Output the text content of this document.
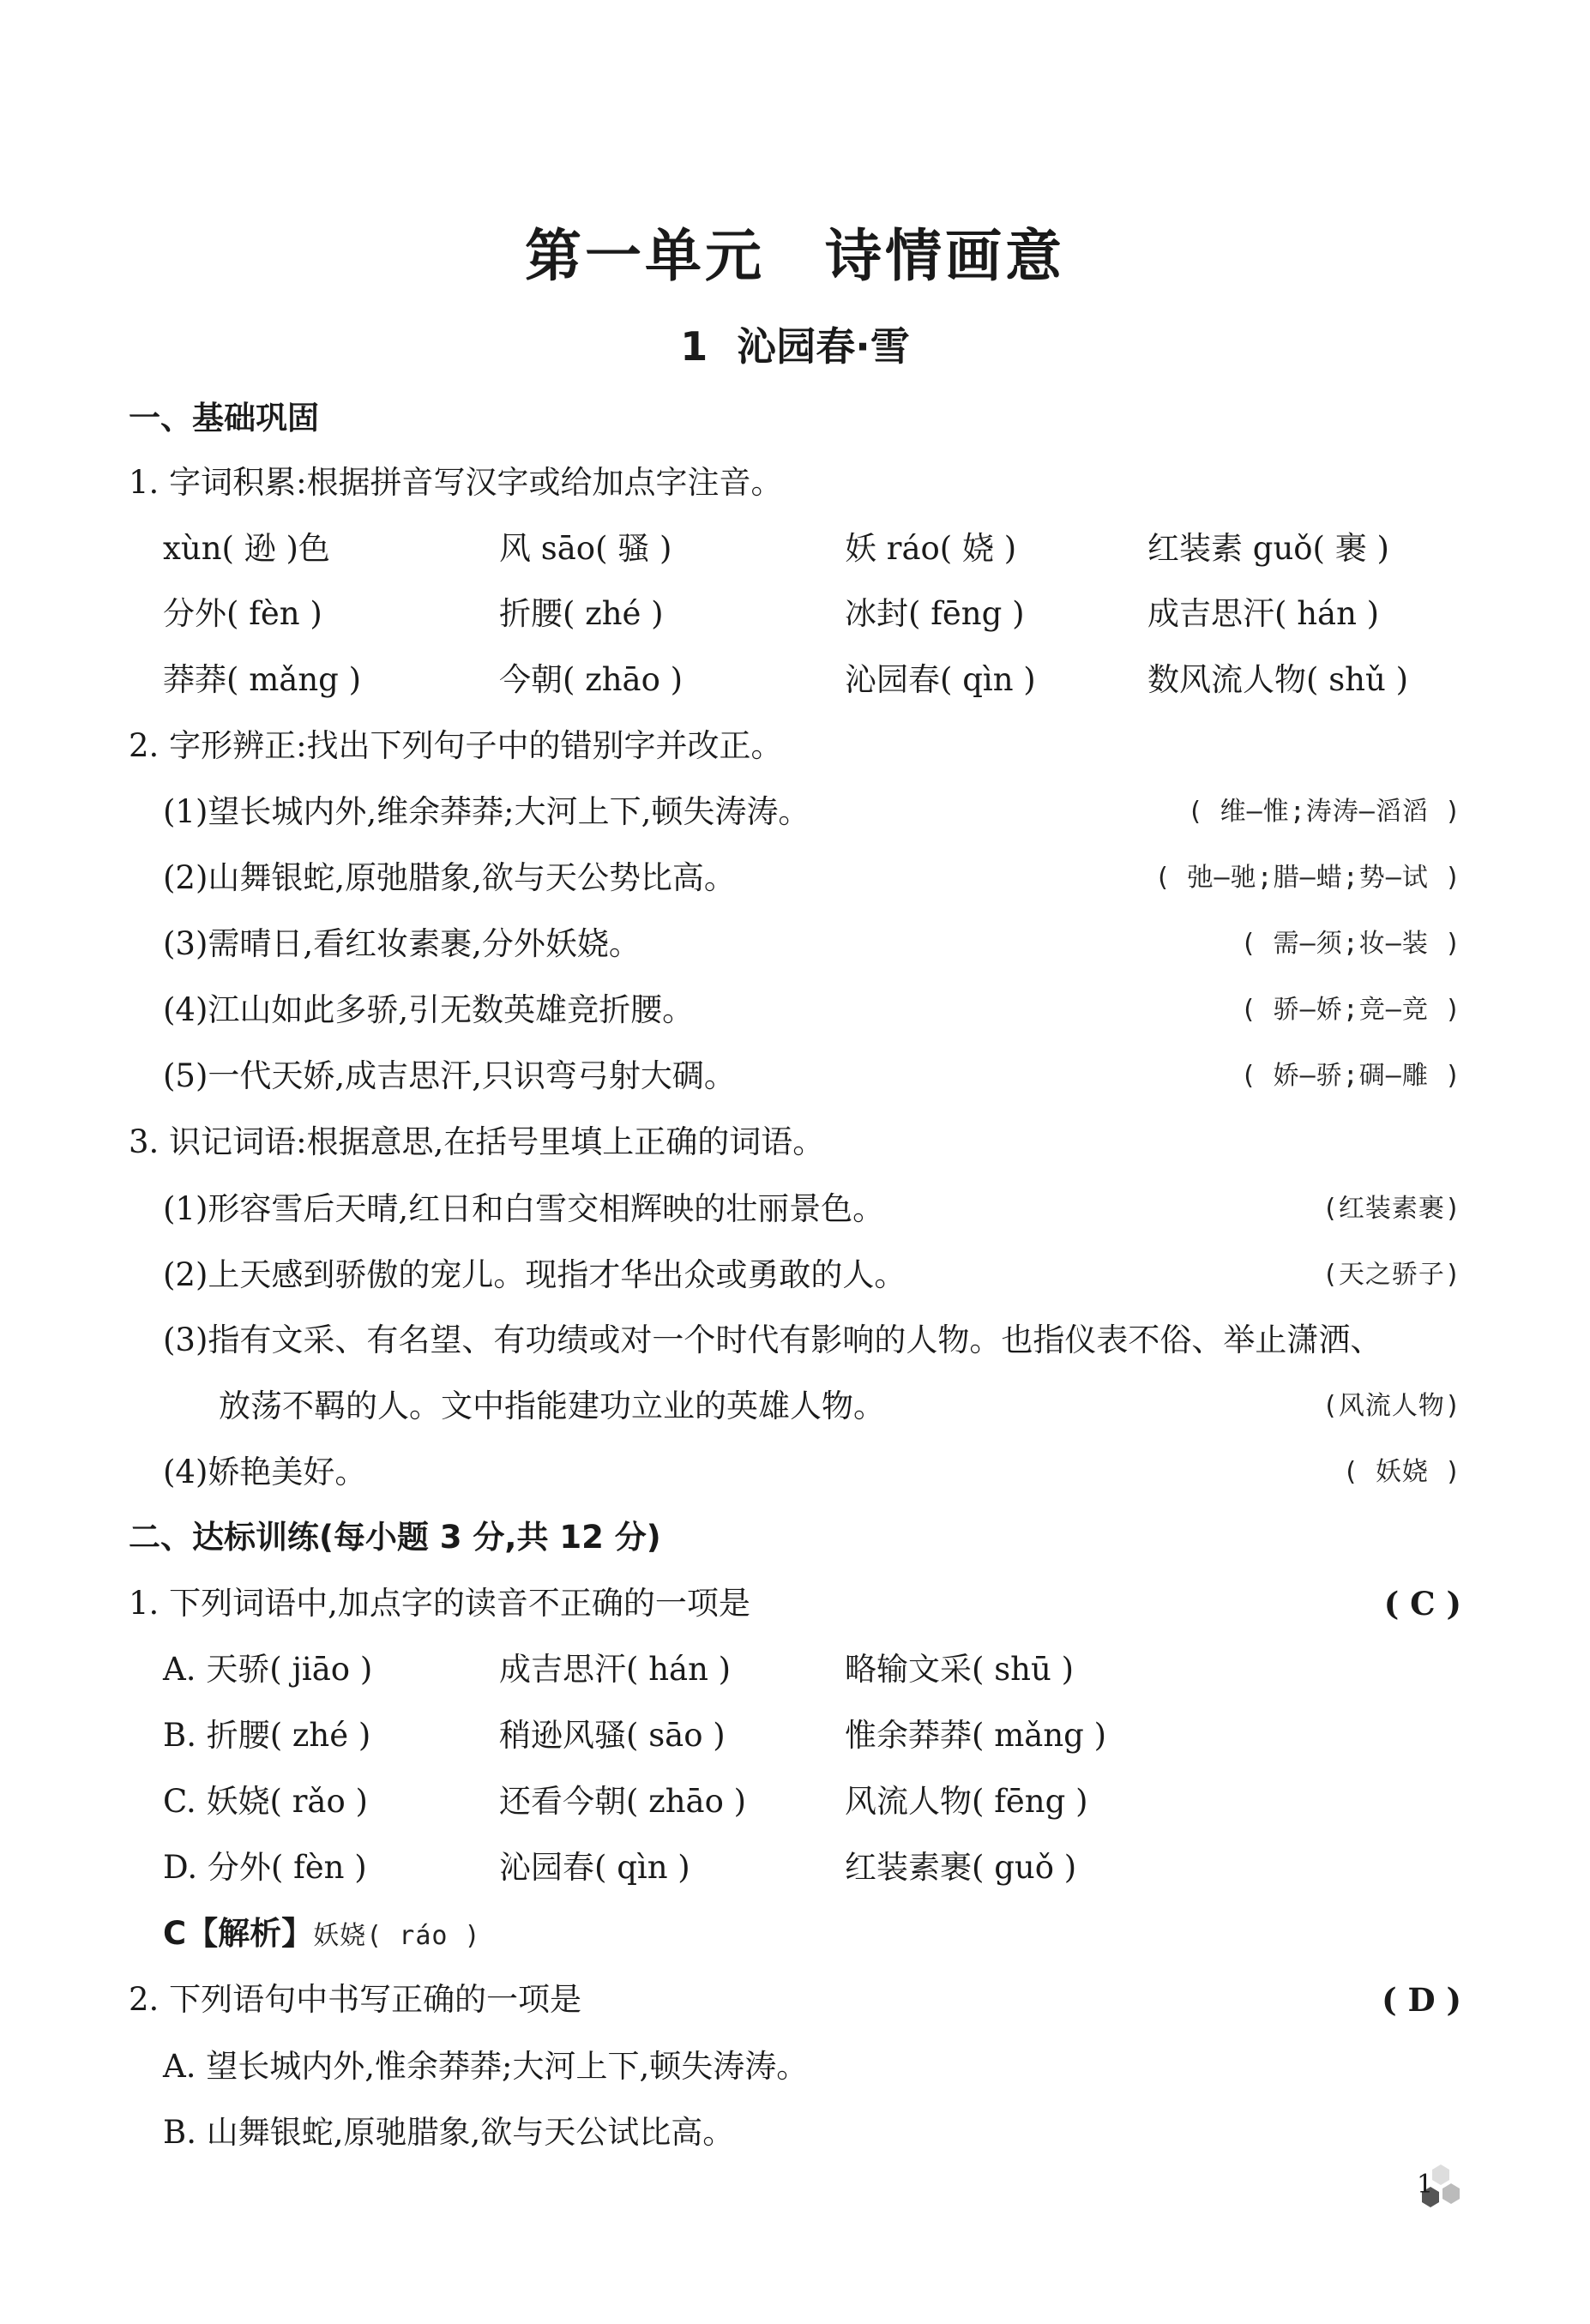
第一单元 诗情画意
1 沁园春·雪
一、基础巩固
1. 字词积累:根据拼音写汉字或给加点字注音。
xùn( 逊 )色	风 sāo( 骚 )	妖 ráo( 娆 )	红装素 guǒ( 裹 )
分外( fèn )	折腰( zhé )	冰封( fēng )	成吉思汗( hán )
莽莽( mǎng )	今朝( zhāo )	沁园春( qìn )	数风流人物( shǔ )
2. 字形辨正:找出下列句子中的错别字并改正。
(1)望长城内外,维余莽莽;大河上下,顿失涛涛。	( 维—惟;涛涛—滔滔 )
(2)山舞银蛇,原弛腊象,欲与天公势比高。	( 弛—驰;腊—蜡;势—试 )
(3)需晴日,看红妆素裹,分外妖娆。	( 需—须;妆—装 )
(4)江山如此多骄,引无数英雄竞折腰。	( 骄—娇;竞—竞 )
(5)一代天娇,成吉思汗,只识弯弓射大碉。	( 娇—骄;碉—雕 )
3. 识记词语:根据意思,在括号里填上正确的词语。
(1)形容雪后天晴,红日和白雪交相辉映的壮丽景色。	(红装素裹)
(2)上天感到骄傲的宠儿。现指才华出众或勇敢的人。	(天之骄子)
(3)指有文采、有名望、有功绩或对一个时代有影响的人物。也指仪表不俗、举止潇洒、
放荡不羁的人。文中指能建功立业的英雄人物。	(风流人物)
(4)娇艳美好。	( 妖娆 )
二、达标训练(每小题 3 分,共 12 分)
1. 下列词语中,加点字的读音不正确的一项是	( C )
A. 天骄( jiāo )	成吉思汗( hán )	略输文采( shū )
B. 折腰( zhé )	稍逊风骚( sāo )	惟余莽莽( mǎng )
C. 妖娆( rǎo )	还看今朝( zhāo )	风流人物( fēng )
D. 分外( fèn )	沁园春( qìn )	红装素裹( guǒ )
C【解析】妖娆( ráo )
2. 下列语句中书写正确的一项是	( D )
A. 望长城内外,惟余莽莽;大河上下,顿失涛涛。
B. 山舞银蛇,原驰腊象,欲与天公试比高。
1
